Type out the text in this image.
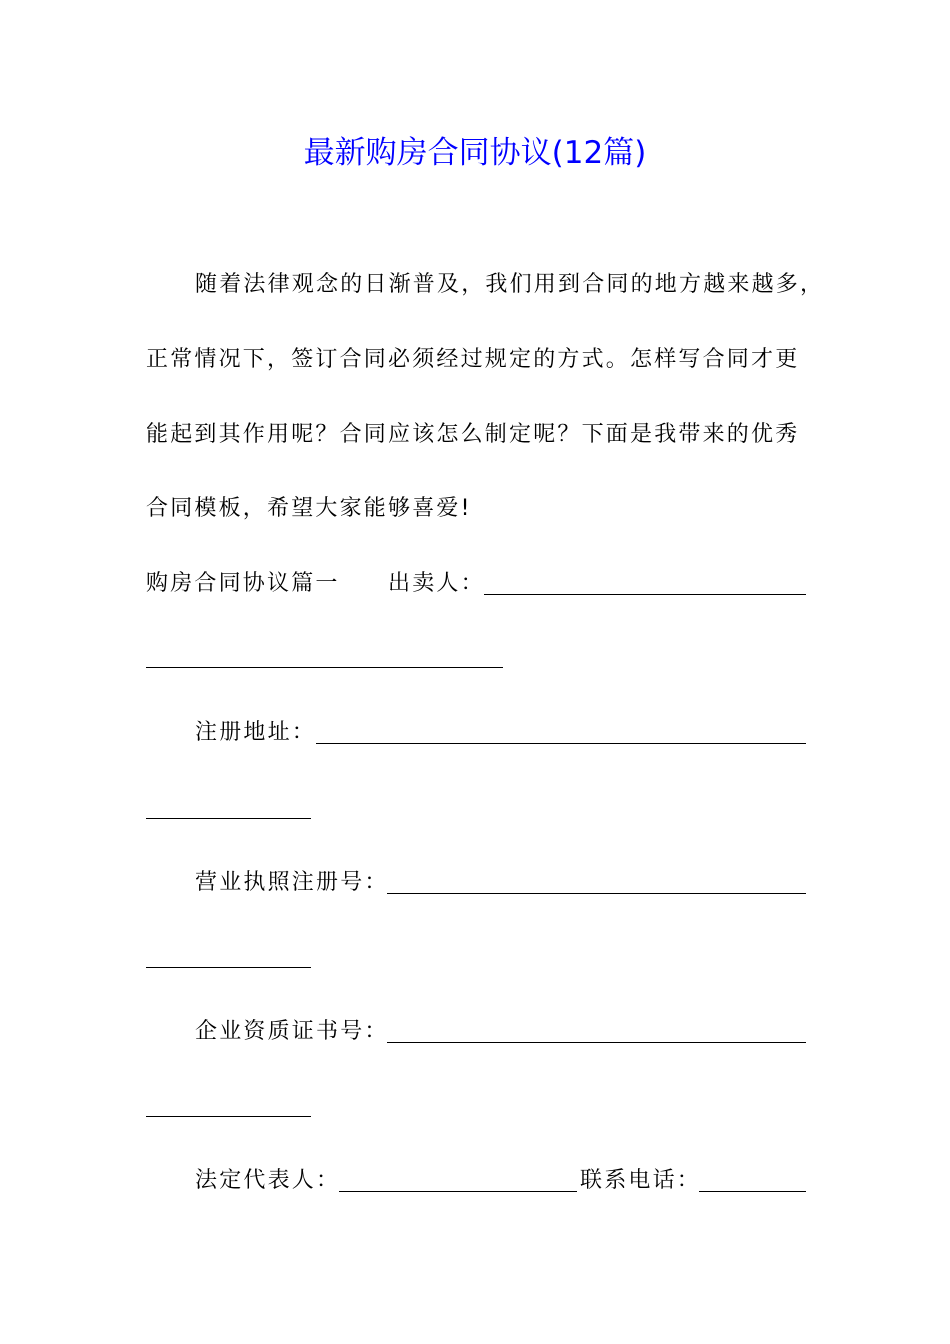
最新购房合同协议(12篇)
随着法律观念的日渐普及，我们用到合同的地方越来越多，
正常情况下，签订合同必须经过规定的方式。怎样写合同才更
能起到其作用呢？合同应该怎么制定呢？下面是我带来的优秀
合同模板，希望大家能够喜爱!
购房合同协议篇一 出卖人：
注册地址：
营业执照注册号：
企业资质证书号：
法定代表人：	联系电话：
